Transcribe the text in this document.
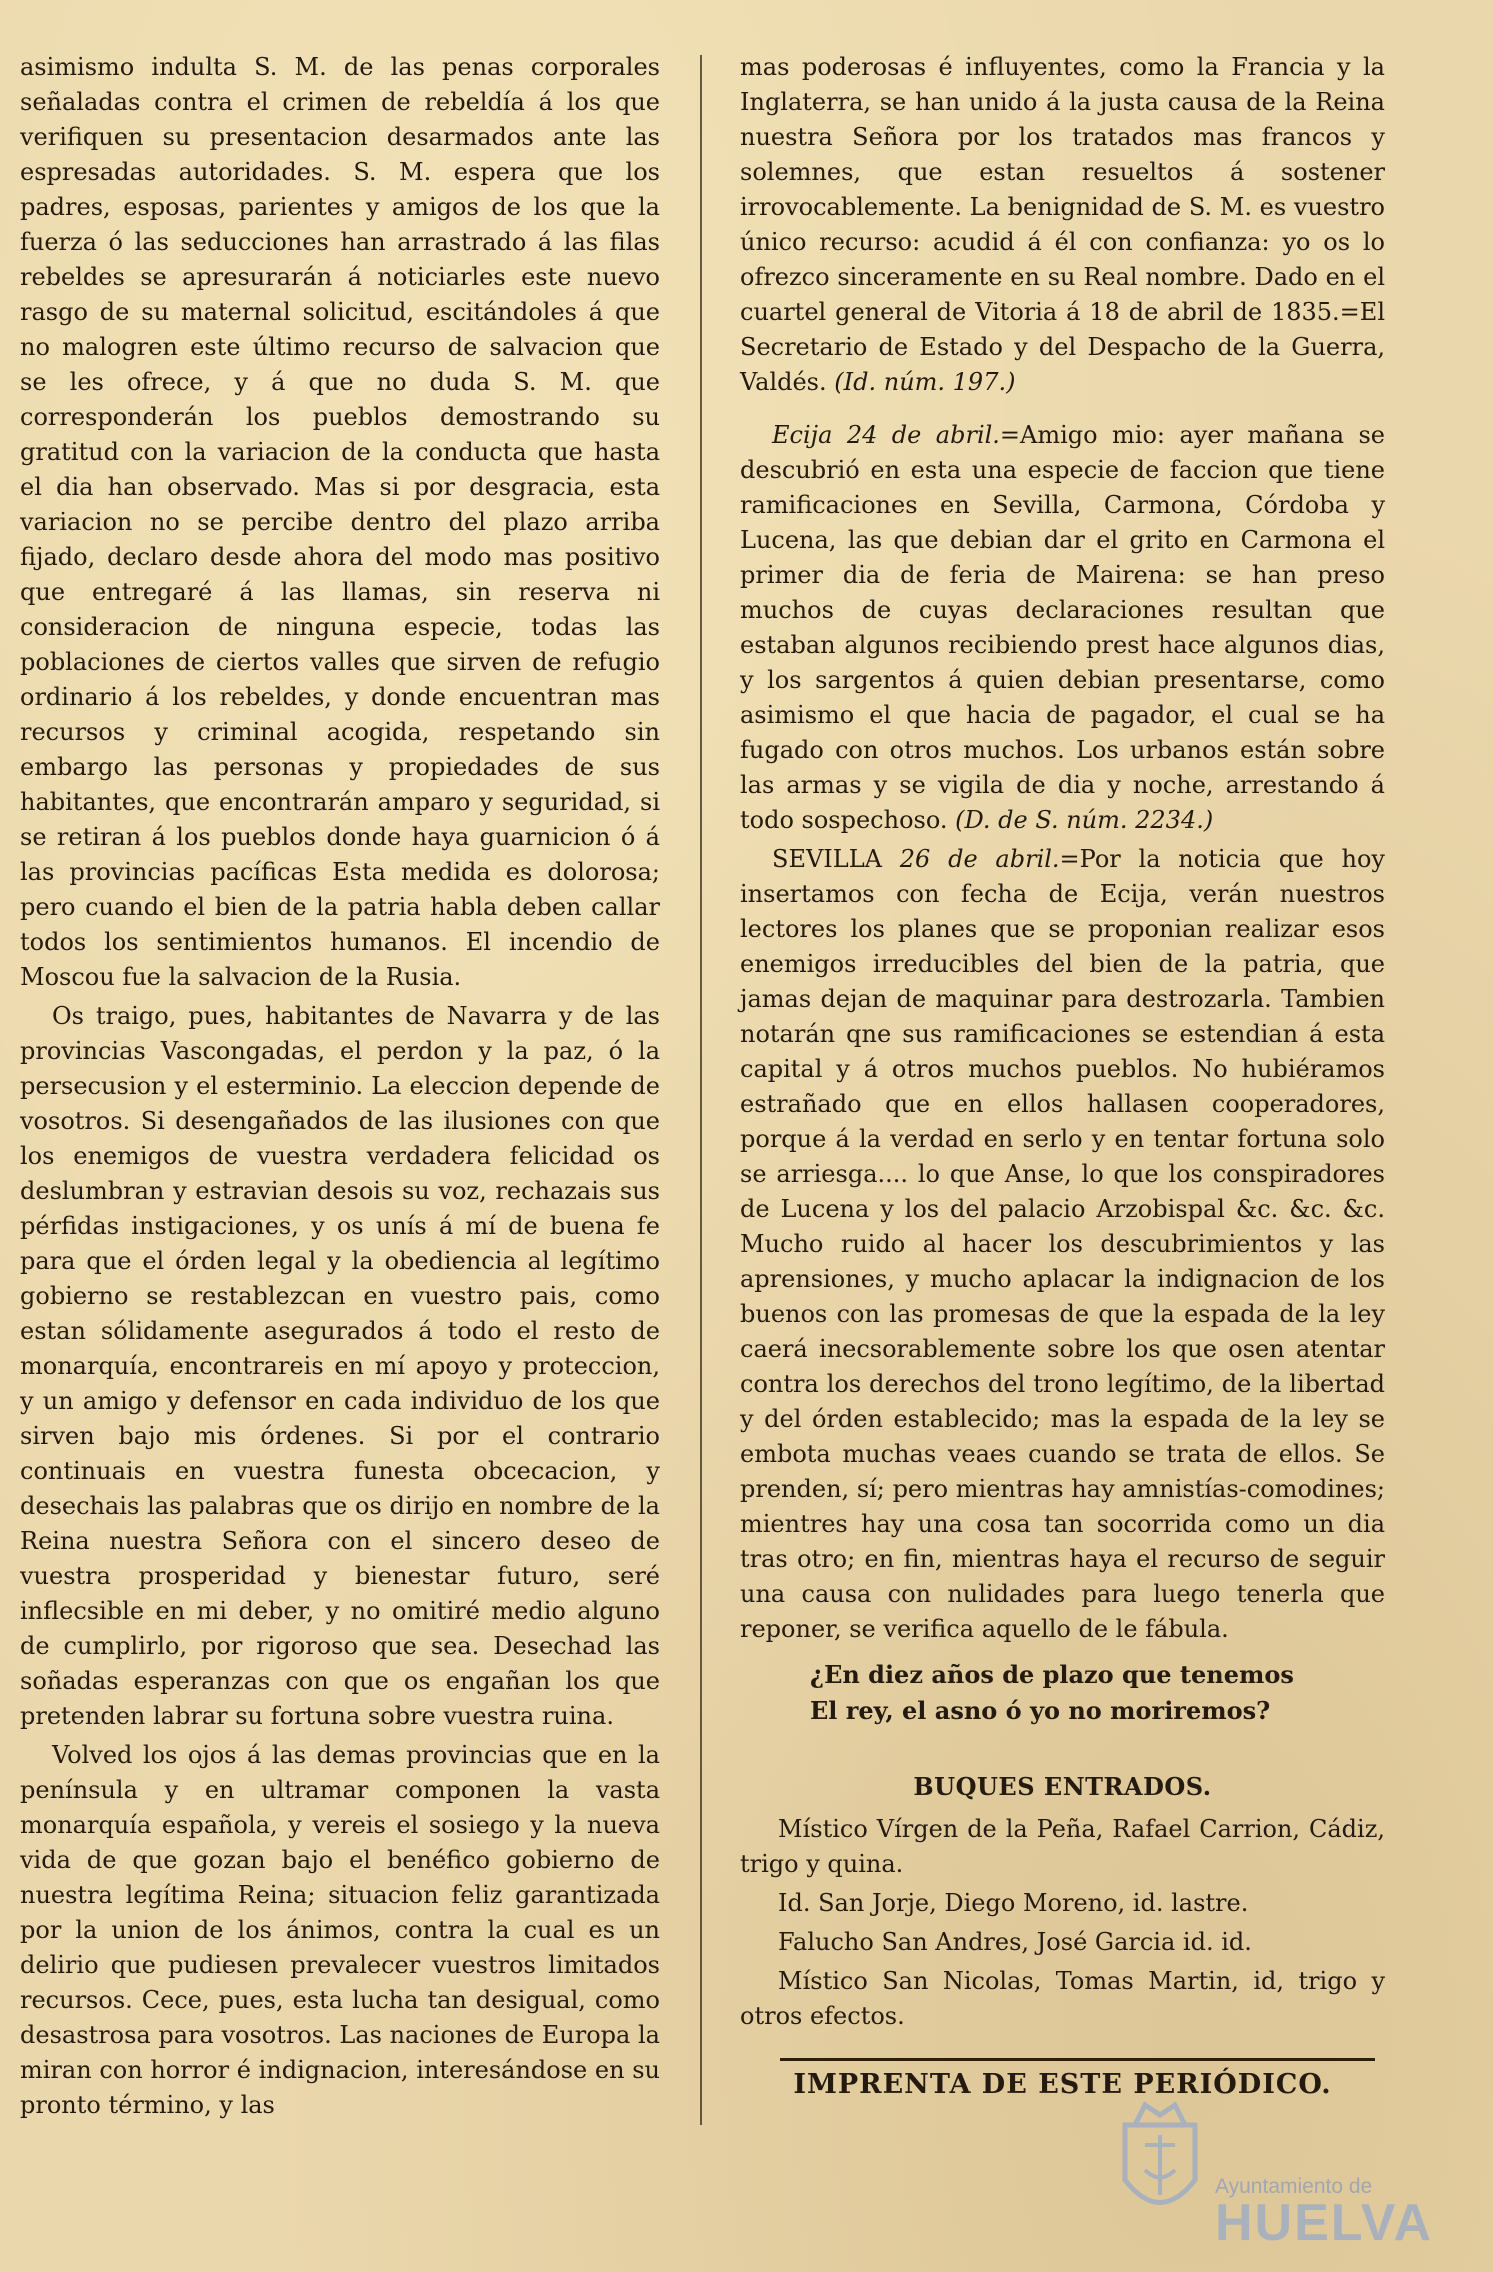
asimismo indulta S. M. de las penas corporales señaladas contra el crimen de rebeldía á los que verifiquen su presentacion desarmados ante las espresadas autoridades. S. M. espera que los padres, esposas, parientes y amigos de los que la fuerza ó las seducciones han arrastrado á las filas rebeldes se apresurarán á noticiarles este nuevo rasgo de su maternal solicitud, escitándoles á que no malogren este último recurso de salvacion que se les ofrece, y á que no duda S. M. que corresponderán los pueblos demostrando su gratitud con la variacion de la conducta que hasta el dia han observado. Mas si por desgracia, esta variacion no se percibe dentro del plazo arriba fijado, declaro desde ahora del modo mas positivo que entregaré á las llamas, sin reserva ni consideracion de ninguna especie, todas las poblaciones de ciertos valles que sirven de refugio ordinario á los rebeldes, y donde encuentran mas recursos y criminal acogida, respetando sin embargo las personas y propiedades de sus habitantes, que encontrarán amparo y seguridad, si se retiran á los pueblos donde haya guarnicion ó á las provincias pacíficas Esta medida es dolorosa; pero cuando el bien de la patria habla deben callar todos los sentimientos humanos. El incendio de Moscou fue la salvacion de la Rusia.

Os traigo, pues, habitantes de Navarra y de las provincias Vascongadas, el perdon y la paz, ó la persecusion y el esterminio. La eleccion depende de vosotros. Si desengañados de las ilusiones con que los enemigos de vuestra verdadera felicidad os deslumbran y estravian desois su voz, rechazais sus pérfidas instigaciones, y os unís á mí de buena fe para que el órden legal y la obediencia al legítimo gobierno se restablezcan en vuestro pais, como estan sólidamente asegurados á todo el resto de monarquía, encontrareis en mí apoyo y proteccion, y un amigo y defensor en cada individuo de los que sirven bajo mis órdenes. Si por el contrario continuais en vuestra funesta obcecacion, y desechais las palabras que os dirijo en nombre de la Reina nuestra Señora con el sincero deseo de vuestra prosperidad y bienestar futuro, seré inflecsible en mi deber, y no omitiré medio alguno de cumplirlo, por rigoroso que sea. Desechad las soñadas esperanzas con que os engañan los que pretenden labrar su fortuna sobre vuestra ruina.

Volved los ojos á las demas provincias que en la península y en ultramar componen la vasta monarquía española, y vereis el sosiego y la nueva vida de que gozan bajo el benéfico gobierno de nuestra legítima Reina; situacion feliz garantizada por la union de los ánimos, contra la cual es un delirio que pudiesen prevalecer vuestros limitados recursos. Cece, pues, esta lucha tan desigual, como desastrosa para vosotros. Las naciones de Europa la miran con horror é indignacion, interesándose en su pronto término, y las

mas poderosas é influyentes, como la Francia y la Inglaterra, se han unido á la justa causa de la Reina nuestra Señora por los tratados mas francos y solemnes, que estan resueltos á sostener irrovocablemente. La benignidad de S. M. es vuestro único recurso: acudid á él con confianza: yo os lo ofrezco sinceramente en su Real nombre. Dado en el cuartel general de Vitoria á 18 de abril de 1835.=El Secretario de Estado y del Despacho de la Guerra, Valdés. (Id. núm. 197.)

Ecija 24 de abril.=Amigo mio: ayer mañana se descubrió en esta una especie de faccion que tiene ramificaciones en Sevilla, Carmona, Córdoba y Lucena, las que debian dar el grito en Carmona el primer dia de feria de Mairena: se han preso muchos de cuyas declaraciones resultan que estaban algunos recibiendo prest hace algunos dias, y los sargentos á quien debian presentarse, como asimismo el que hacia de pagador, el cual se ha fugado con otros muchos. Los urbanos están sobre las armas y se vigila de dia y noche, arrestando á todo sospechoso. (D. de S. núm. 2234.)

SEVILLA 26 de abril.=Por la noticia que hoy insertamos con fecha de Ecija, verán nuestros lectores los planes que se proponian realizar esos enemigos irreducibles del bien de la patria, que jamas dejan de maquinar para destrozarla. Tambien notarán qne sus ramificaciones se estendian á esta capital y á otros muchos pueblos. No hubiéramos estrañado que en ellos hallasen cooperadores, porque á la verdad en serlo y en tentar fortuna solo se arriesga.... lo que Anse, lo que los conspiradores de Lucena y los del palacio Arzobispal &c. &c. &c. Mucho ruido al hacer los descubrimientos y las aprensiones, y mucho aplacar la indignacion de los buenos con las promesas de que la espada de la ley caerá inecsorablemente sobre los que osen atentar contra los derechos del trono legítimo, de la libertad y del órden establecido; mas la espada de la ley se embota muchas veaes cuando se trata de ellos. Se prenden, sí; pero mientras hay amnistías-comodines; mientres hay una cosa tan socorrida como un dia tras otro; en fin, mientras haya el recurso de seguir una causa con nulidades para luego tenerla que reponer, se verifica aquello de le fábula.

¿En diez años de plazo que tenemos
El rey, el asno ó yo no moriremos?
BUQUES ENTRADOS.

Místico Vírgen de la Peña, Rafael Carrion, Cádiz, trigo y quina.

Id. San Jorje, Diego Moreno, id. lastre.

Falucho San Andres, José Garcia id. id.

Místico San Nicolas, Tomas Martin, id, trigo y otros efectos.

IMPRENTA DE ESTE PERIÓDICO.
Ayuntamiento de
HUELVA
